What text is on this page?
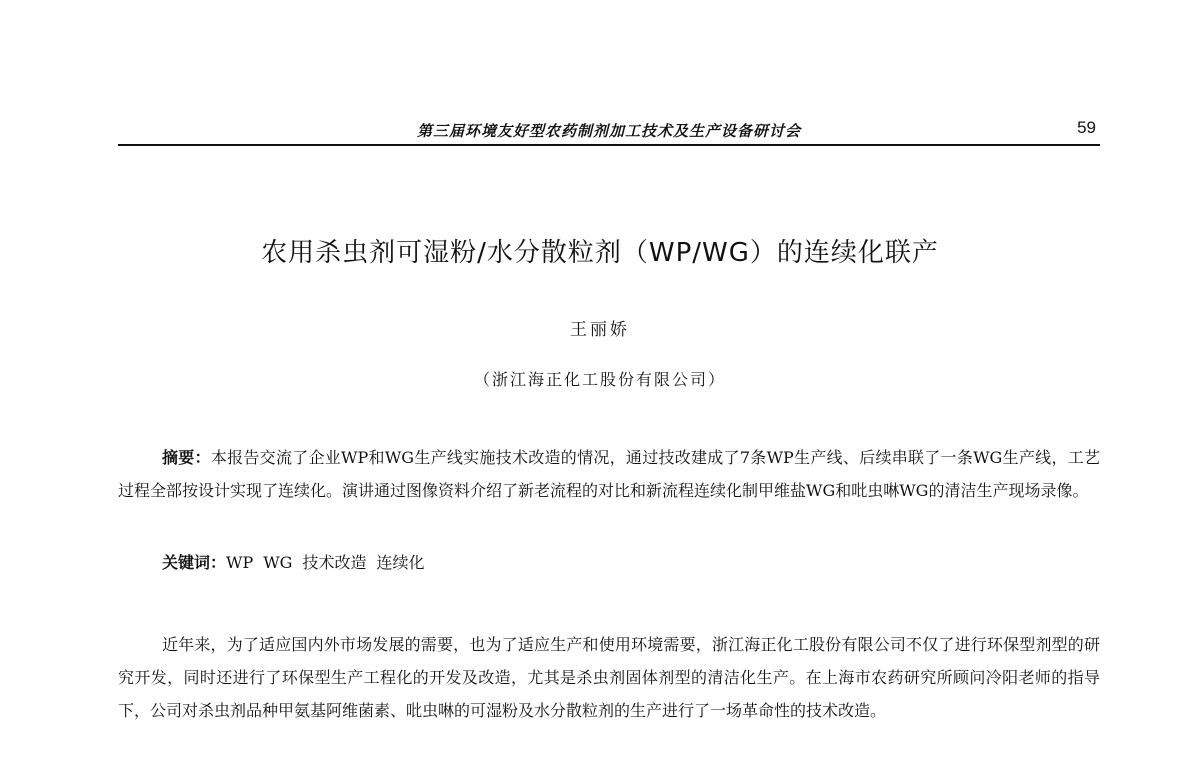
第三届环境友好型农药制剂加工技术及生产设备研讨会	59
农用杀虫剂可湿粉/水分散粒剂（WP/WG）的连续化联产
王丽娇
（浙江海正化工股份有限公司）

摘要：本报告交流了企业WP和WG生产线实施技术改造的情况，通过技改建成了7条WP生产线、后续串联了一条WG生产线，工艺过程全部按设计实现了连续化。演讲通过图像资料介绍了新老流程的对比和新流程连续化制甲维盐WG和吡虫啉WG的清洁生产现场录像。

关键词：WP WG 技术改造 连续化

近年来，为了适应国内外市场发展的需要，也为了适应生产和使用环境需要，浙江海正化工股份有限公司不仅了进行环保型剂型的研究开发，同时还进行了环保型生产工程化的开发及改造，尤其是杀虫剂固体剂型的清洁化生产。在上海市农药研究所顾问冷阳老师的指导下，公司对杀虫剂品种甲氨基阿维菌素、吡虫啉的可湿粉及水分散粒剂的生产进行了一场革命性的技术改造。
